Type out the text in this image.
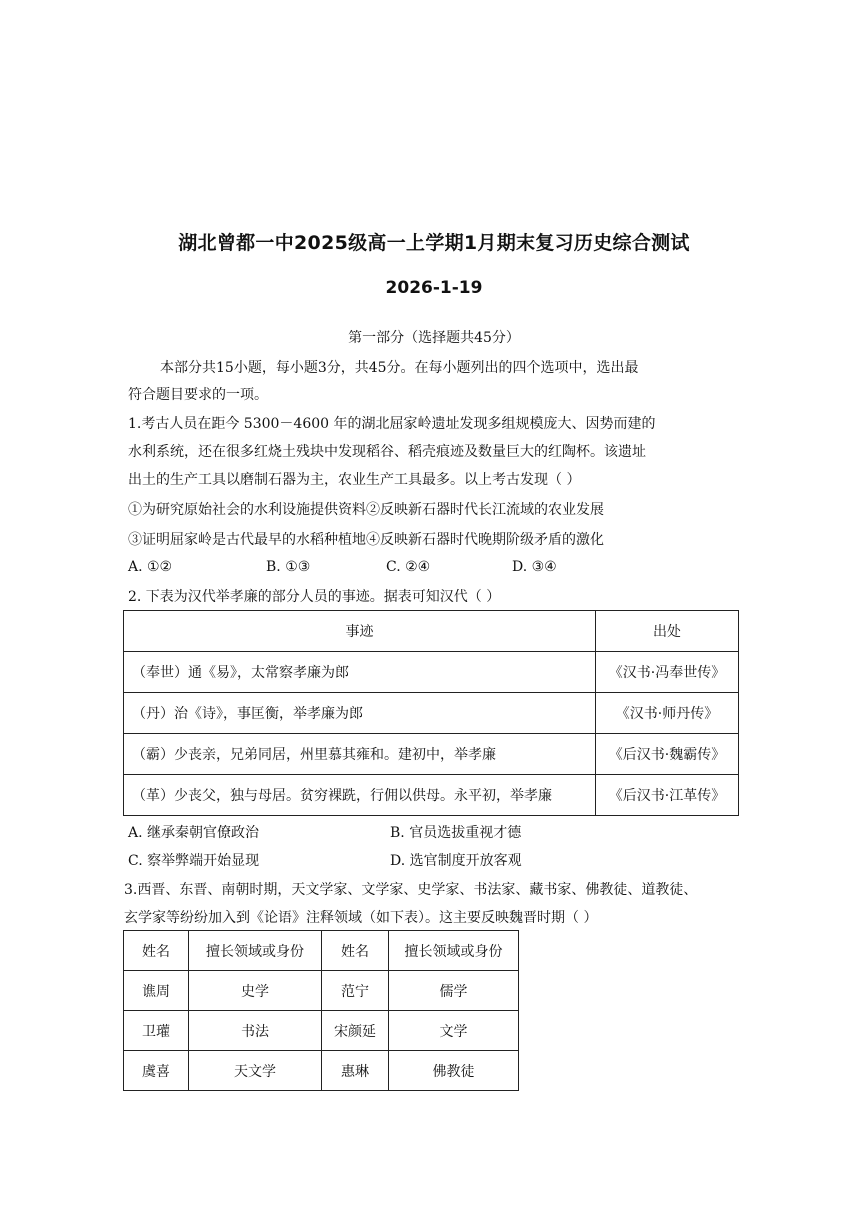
湖北曾都一中2025级高一上学期1月期末复习历史综合测试
2026-1-19
第一部分（选择题共45分）
本部分共15小题，每小题3分，共45分。在每小题列出的四个选项中，选出最
符合题目要求的一项。
1.考古人员在距今 5300－4600 年的湖北屈家岭遗址发现多组规模庞大、因势而建的
水利系统，还在很多红烧土残块中发现稻谷、稻壳痕迹及数量巨大的红陶杯。该遗址
出土的生产工具以磨制石器为主，农业生产工具最多。以上考古发现（ ）
①为研究原始社会的水利设施提供资料②反映新石器时代长江流域的农业发展
③证明屈家岭是古代最早的水稻种植地④反映新石器时代晚期阶级矛盾的激化
A. ①②	B. ①③	C. ②④	D. ③④
2. 下表为汉代举孝廉的部分人员的事迹。据表可知汉代（ ）
事迹	出处
（奉世）通《易》，太常察孝廉为郎	《汉书·冯奉世传》
（丹）治《诗》，事匡衡，举孝廉为郎	《汉书·师丹传》
（霸）少丧亲，兄弟同居，州里慕其雍和。建初中，举孝廉	《后汉书·魏霸传》
（革）少丧父，独与母居。贫穷裸跣，行佣以供母。永平初，举孝廉	《后汉书·江革传》
A. 继承秦朝官僚政治	B. 官员选拔重视才德
C. 察举弊端开始显现	D. 选官制度开放客观
3.西晋、东晋、南朝时期，天文学家、文学家、史学家、书法家、藏书家、佛教徒、道教徒、
玄学家等纷纷加入到《论语》注释领域（如下表）。这主要反映魏晋时期（ ）
姓名	擅长领域或身份	姓名	擅长领域或身份
谯周	史学	范宁	儒学
卫瓘	书法	宋颜延	文学
虞喜	天文学	惠琳	佛教徒
